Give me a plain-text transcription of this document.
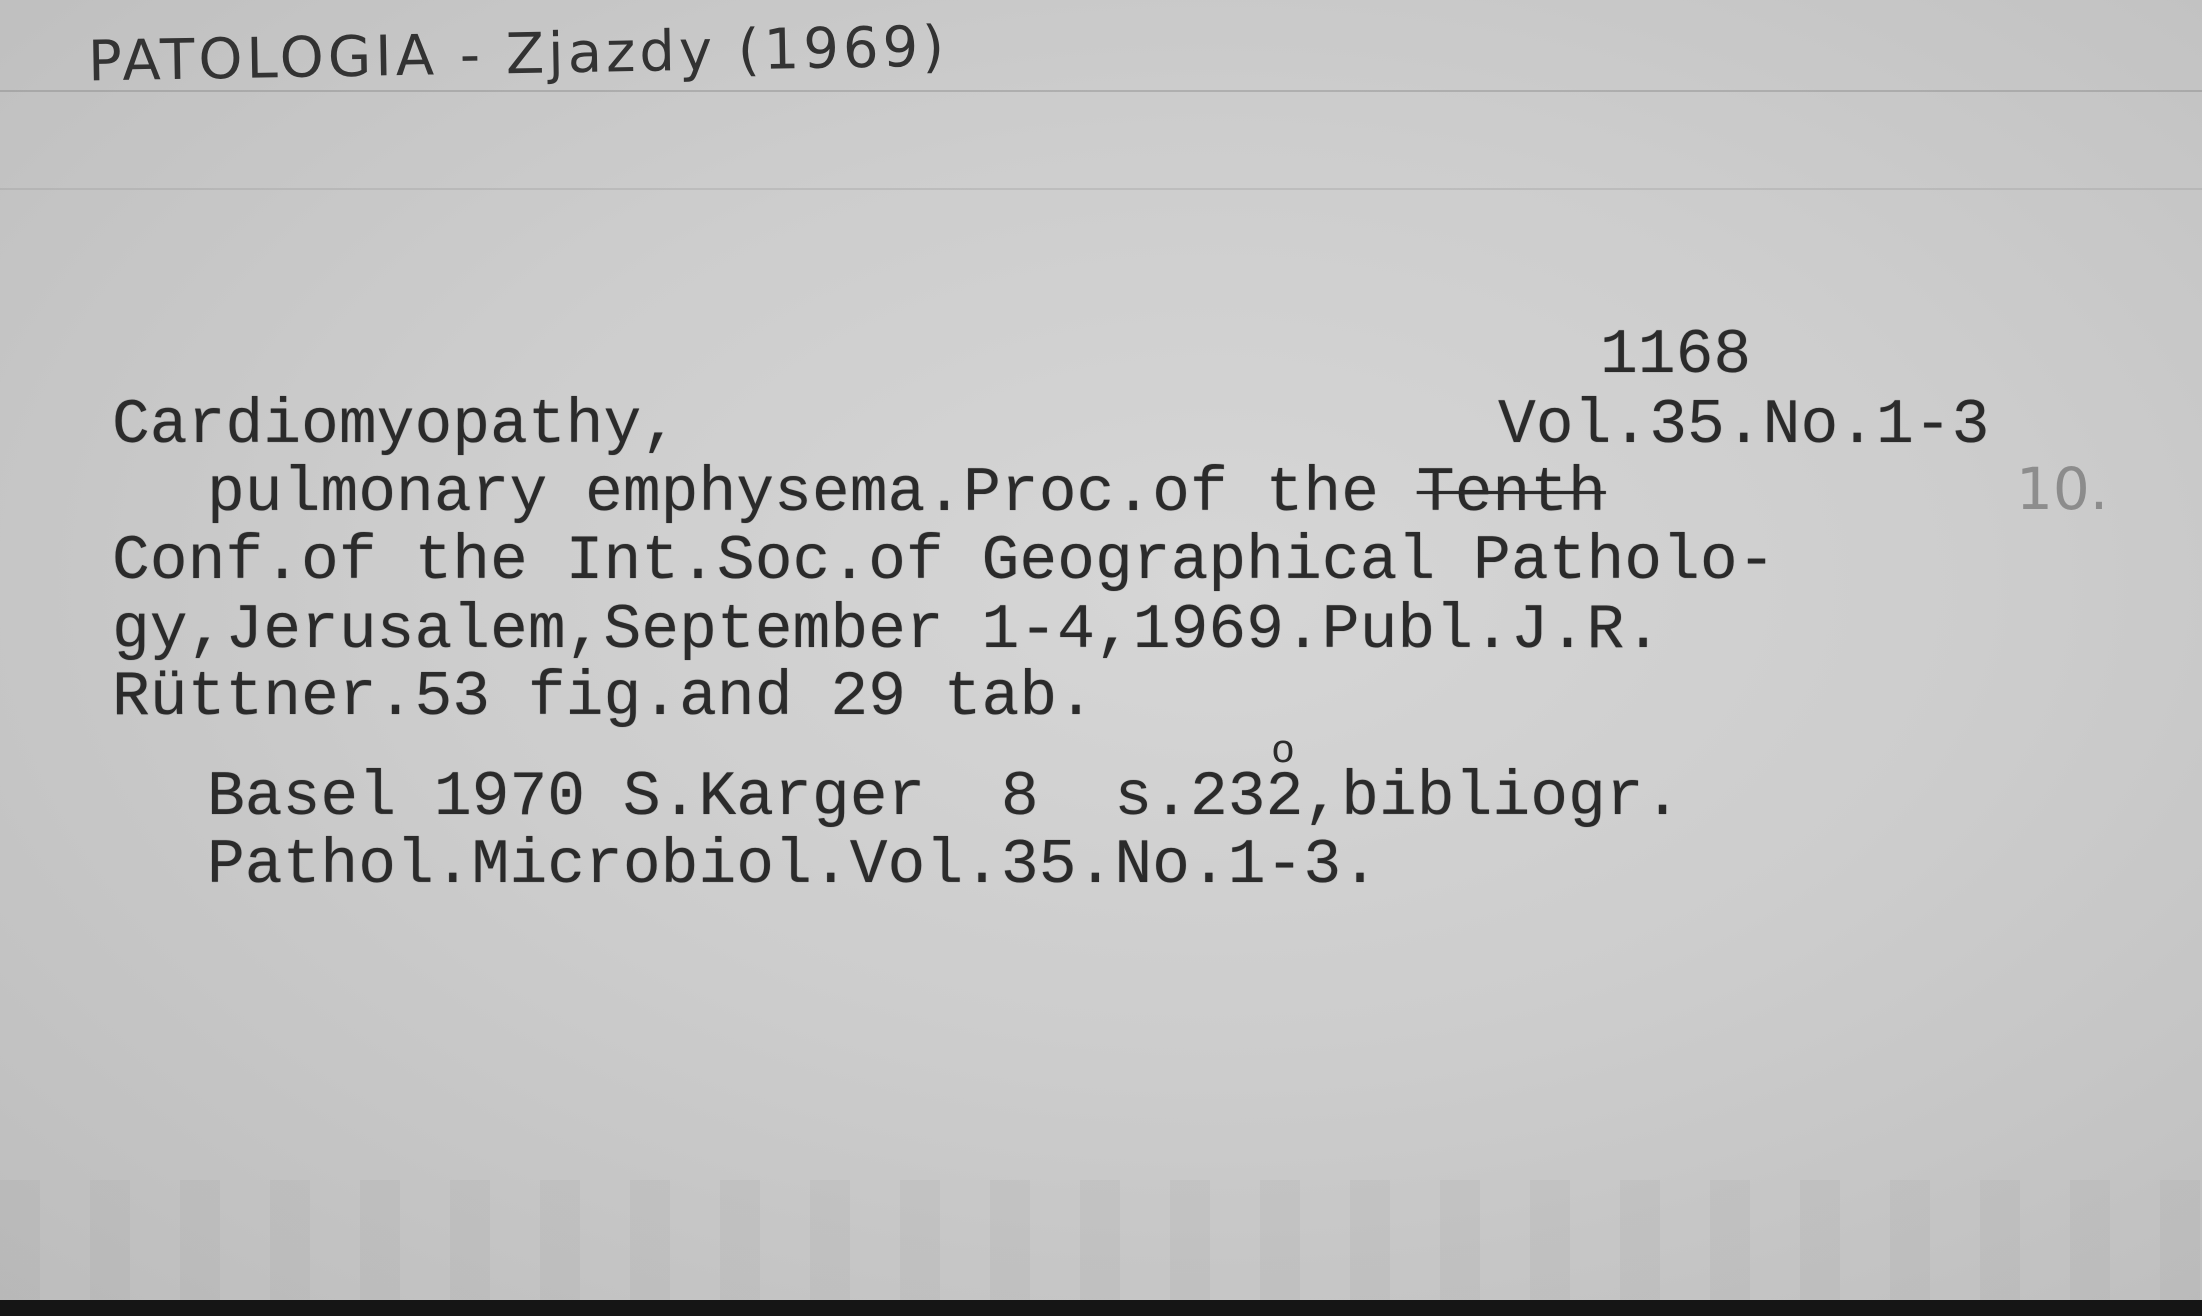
PATOLOGIA - Zjazdy (1969)
1168
Vol.35.No.1-3
Cardiomyopathy,
pulmonary emphysema.Proc.of the Tenth	10.
Conf.of the Int.Soc.of Geographical Patholo-
gy,Jerusalem,September 1-4,1969.Publ.J.R.
Rüttner.53 fig.and 29 tab.
Basel 1970 S.Karger  8  s.232,bibliogr.
o
Pathol.Microbiol.Vol.35.No.1-3.
